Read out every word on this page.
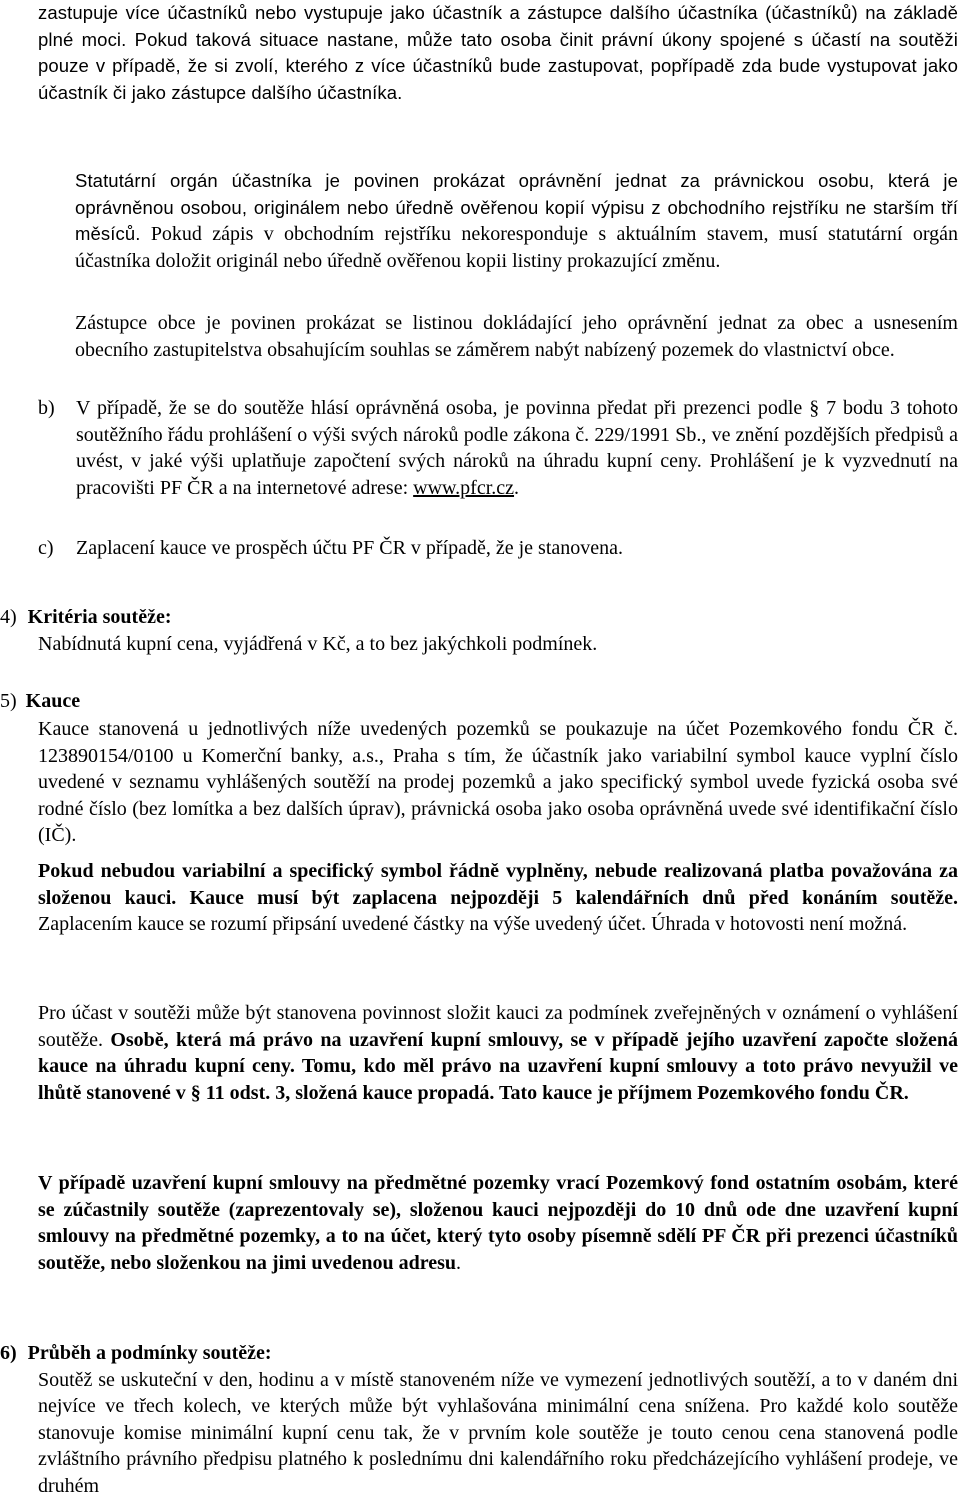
zastupuje více účastníků nebo vystupuje jako účastník a zástupce dalšího účastníka (účastníků) na základě plné moci. Pokud taková situace nastane, může tato osoba činit právní úkony spojené s účastí na soutěži pouze v případě, že si zvolí, kterého z více účastníků bude zastupovat, popřípadě zda bude vystupovat jako účastník či jako zástupce dalšího účastníka.

Statutární orgán účastníka je povinen prokázat oprávnění jednat za právnickou osobu, která je oprávněnou osobou, originálem nebo úředně ověřenou kopií výpisu z obchodního rejstříku ne starším tří měsíců. Pokud zápis v obchodním rejstříku nekoresponduje s aktuálním stavem, musí statutární orgán účastníka doložit originál nebo úředně ověřenou kopii listiny prokazující změnu.

Zástupce obce je povinen prokázat se listinou dokládající jeho oprávnění jednat za obec a usnesením obecního zastupitelstva obsahujícím souhlas se záměrem nabýt nabízený pozemek do vlastnictví obce.

b)	V případě, že se do soutěže hlásí oprávněná osoba, je povinna předat při prezenci podle § 7 bodu 3 tohoto soutěžního řádu prohlášení o výši svých nároků podle zákona č. 229/1991 Sb., ve znění pozdějších předpisů a uvést, v jaké výši uplatňuje započtení svých nároků na úhradu kupní ceny. Prohlášení je k vyzvednutí na pracovišti PF ČR a na internetové adrese: www.pfcr.cz.

c)	Zaplacení kauce ve prospěch účtu PF ČR v případě, že je stanovena.

4) Kritéria soutěže:

Nabídnutá kupní cena, vyjádřená v Kč, a to bez jakýchkoli podmínek.

5) Kauce

Kauce stanovená u jednotlivých níže uvedených pozemků se poukazuje na účet Pozemkového fondu ČR č. 123890154/0100 u Komerční banky, a.s., Praha s tím, že účastník jako variabilní symbol kauce vyplní číslo uvedené v seznamu vyhlášených soutěží na prodej pozemků a jako specifický symbol uvede fyzická osoba své rodné číslo (bez lomítka a bez dalších úprav), právnická osoba jako osoba oprávněná uvede své identifikační číslo (IČ).

Pokud nebudou variabilní a specifický symbol řádně vyplněny, nebude realizovaná platba považována za složenou kauci. Kauce musí být zaplacena nejpozději 5 kalendářních dnů před konáním soutěže. Zaplacením kauce se rozumí připsání uvedené částky na výše uvedený účet. Úhrada v hotovosti není možná.

Pro účast v soutěži může být stanovena povinnost složit kauci za podmínek zveřejněných v oznámení o vyhlášení soutěže. Osobě, která má právo na uzavření kupní smlouvy, se v případě jejího uzavření započte složená kauce na úhradu kupní ceny. Tomu, kdo měl právo na uzavření kupní smlouvy a toto právo nevyužil ve lhůtě stanovené v § 11 odst. 3, složená kauce propadá. Tato kauce je příjmem Pozemkového fondu ČR.

V případě uzavření kupní smlouvy na předmětné pozemky vrací Pozemkový fond ostatním osobám, které se zúčastnily soutěže (zaprezentovaly se), složenou kauci nejpozději do 10 dnů ode dne uzavření kupní smlouvy na předmětné pozemky, a to na účet, který tyto osoby písemně sdělí PF ČR při prezenci účastníků soutěže, nebo složenkou na jimi uvedenou adresu.

6) Průběh a podmínky soutěže:

Soutěž se uskuteční v den, hodinu a v místě stanoveném níže ve vymezení jednotlivých soutěží, a to v daném dni nejvíce ve třech kolech, ve kterých může být vyhlašována minimální cena snížena. Pro každé kolo soutěže stanovuje komise minimální kupní cenu tak, že v prvním kole soutěže je touto cenou cena stanovená podle zvláštního právního předpisu platného k poslednímu dni kalendářního roku předcházejícího vyhlášení prodeje, ve druhém
